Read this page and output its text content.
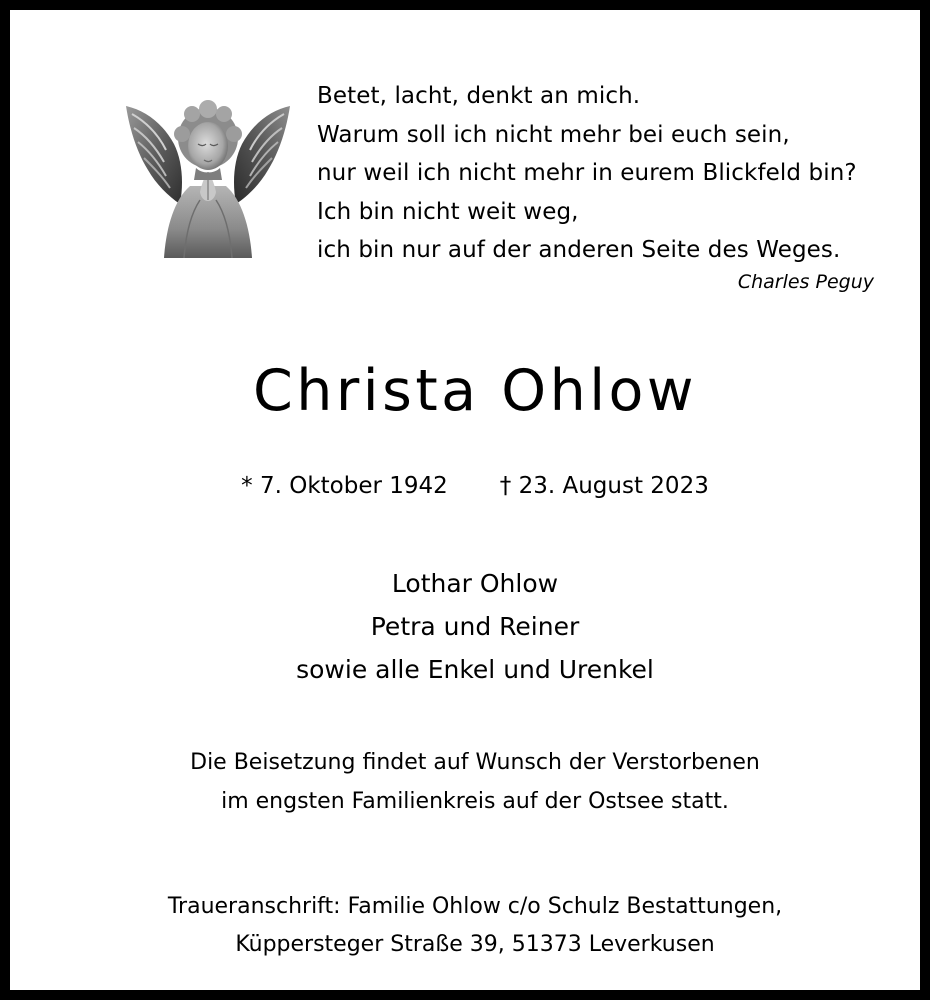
Betet, lacht, denkt an mich.
Warum soll ich nicht mehr bei euch sein,
nur weil ich nicht mehr in eurem Blickfeld bin?
Ich bin nicht weit weg,
ich bin nur auf der anderen Seite des Weges.
Charles Peguy
Christa Ohlow
* 7. Oktober 1942 † 23. August 2023
Lothar Ohlow
Petra und Reiner
sowie alle Enkel und Urenkel
Die Beisetzung findet auf Wunsch der Verstorbenen
im engsten Familienkreis auf der Ostsee statt.
Traueranschrift: Familie Ohlow c/o Schulz Bestattungen,
Küppersteger Straße 39, 51373 Leverkusen
